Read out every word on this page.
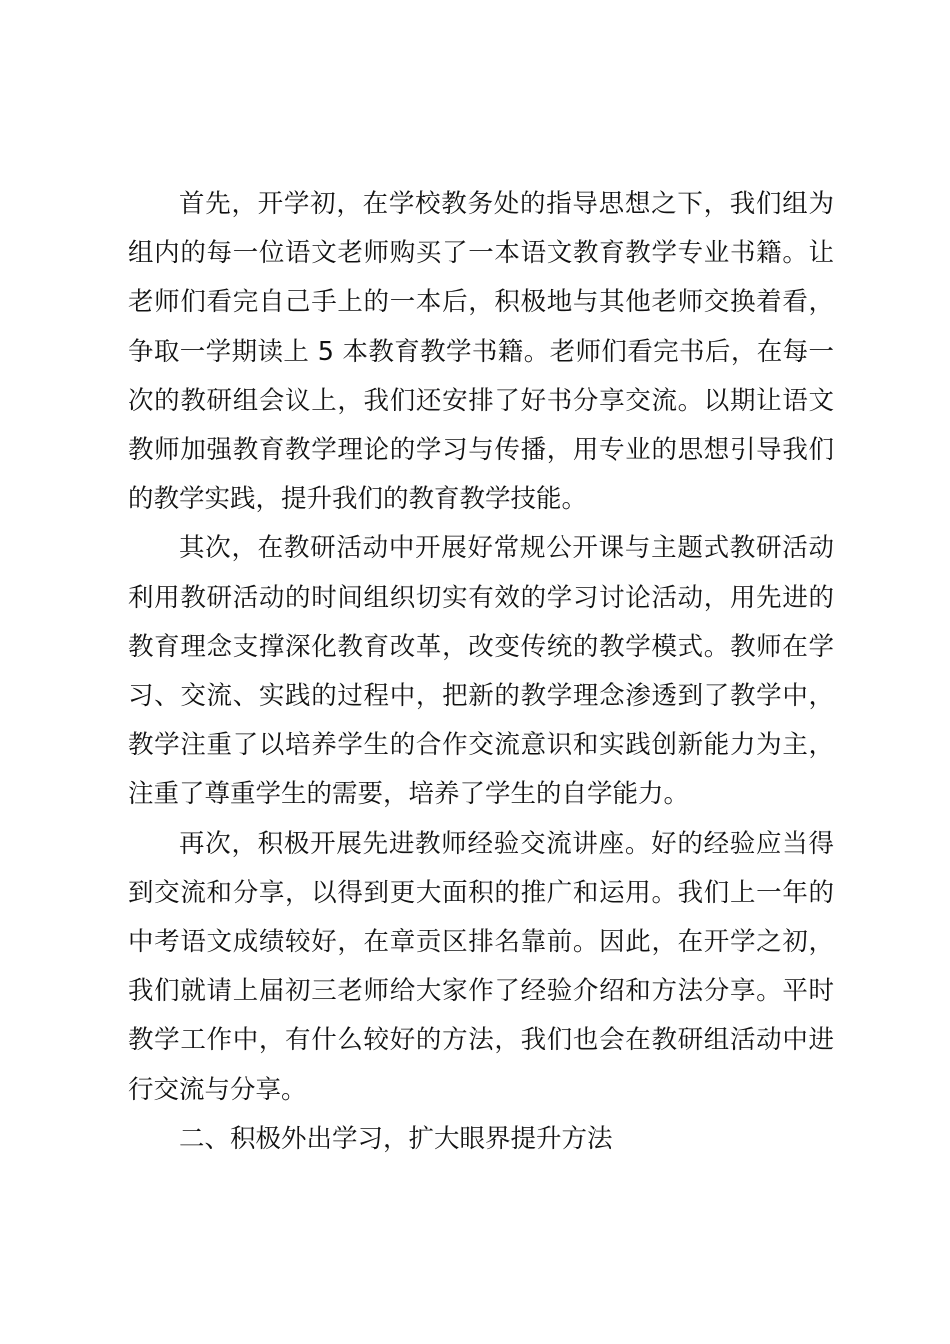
首先，开学初，在学校教务处的指导思想之下，我们组为组内的每一位语文老师购买了一本语文教育教学专业书籍。让老师们看完自己手上的一本后，积极地与其他老师交换着看，争取一学期读上 5 本教育教学书籍。老师们看完书后，在每一次的教研组会议上，我们还安排了好书分享交流。以期让语文教师加强教育教学理论的学习与传播，用专业的思想引导我们的教学实践，提升我们的教育教学技能。

其次，在教研活动中开展好常规公开课与主题式教研活动利用教研活动的时间组织切实有效的学习讨论活动，用先进的教育理念支撑深化教育改革，改变传统的教学模式。教师在学习、交流、实践的过程中，把新的教学理念渗透到了教学中，教学注重了以培养学生的合作交流意识和实践创新能力为主，注重了尊重学生的需要，培养了学生的自学能力。

再次，积极开展先进教师经验交流讲座。好的经验应当得到交流和分享，以得到更大面积的推广和运用。我们上一年的中考语文成绩较好，在章贡区排名靠前。因此，在开学之初，我们就请上届初三老师给大家作了经验介绍和方法分享。平时教学工作中，有什么较好的方法，我们也会在教研组活动中进行交流与分享。

二、积极外出学习，扩大眼界提升方法
